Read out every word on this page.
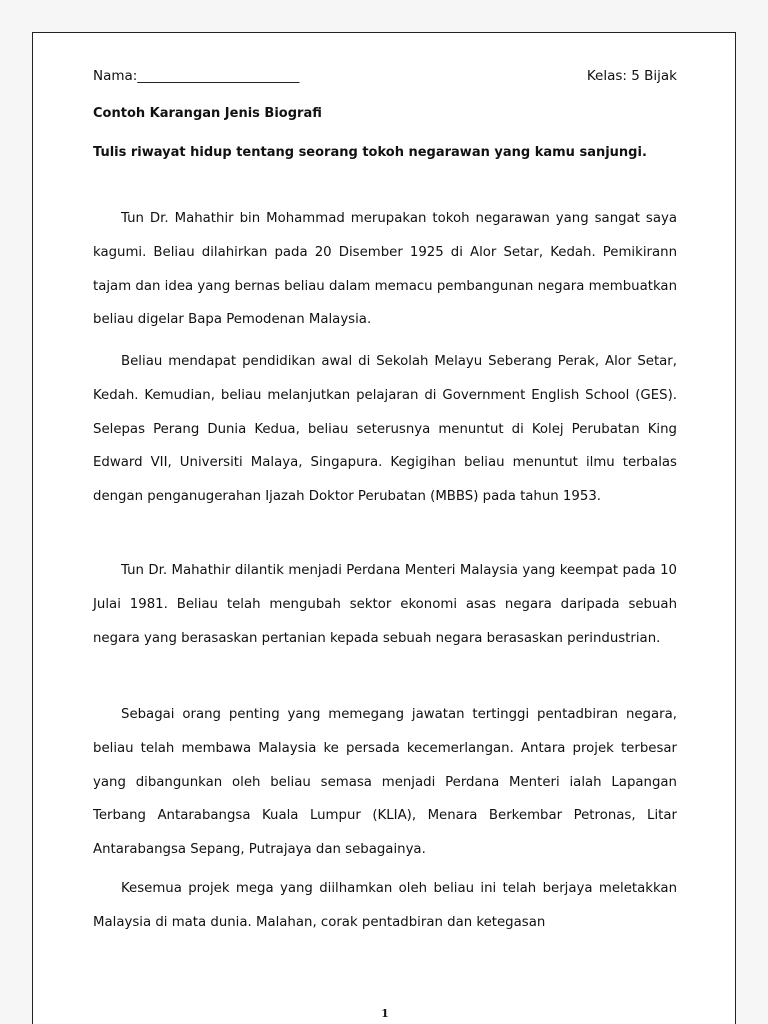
Nama:________________________	Kelas: 5 Bijak
Contoh Karangan Jenis Biografi
Tulis riwayat hidup tentang seorang tokoh negarawan yang kamu sanjungi.

Tun Dr. Mahathir bin Mohammad merupakan tokoh negarawan yang sangat saya kagumi. Beliau dilahirkan pada 20 Disember 1925 di Alor Setar, Kedah. Pemikirann tajam dan idea yang bernas beliau dalam memacu pembangunan negara membuatkan beliau digelar Bapa Pemodenan Malaysia.

Beliau mendapat pendidikan awal di Sekolah Melayu Seberang Perak, Alor Setar, Kedah. Kemudian, beliau melanjutkan pelajaran di Government English School (GES). Selepas Perang Dunia Kedua, beliau seterusnya menuntut di Kolej Perubatan King Edward VII, Universiti Malaya, Singapura. Kegigihan beliau menuntut ilmu terbalas dengan penganugerahan Ijazah Doktor Perubatan (MBBS) pada tahun 1953.

Tun Dr. Mahathir dilantik menjadi Perdana Menteri Malaysia yang keempat pada 10 Julai 1981. Beliau telah mengubah sektor ekonomi asas negara daripada sebuah negara yang berasaskan pertanian kepada sebuah negara berasaskan perindustrian.

Sebagai orang penting yang memegang jawatan tertinggi pentadbiran negara, beliau telah membawa Malaysia ke persada kecemerlangan. Antara projek terbesar yang dibangunkan oleh beliau semasa menjadi Perdana Menteri ialah Lapangan Terbang Antarabangsa Kuala Lumpur (KLIA), Menara Berkembar Petronas, Litar Antarabangsa Sepang, Putrajaya dan sebagainya.

Kesemua projek mega yang diilhamkan oleh beliau ini telah berjaya meletakkan Malaysia di mata dunia. Malahan, corak pentadbiran dan ketegasan

1
